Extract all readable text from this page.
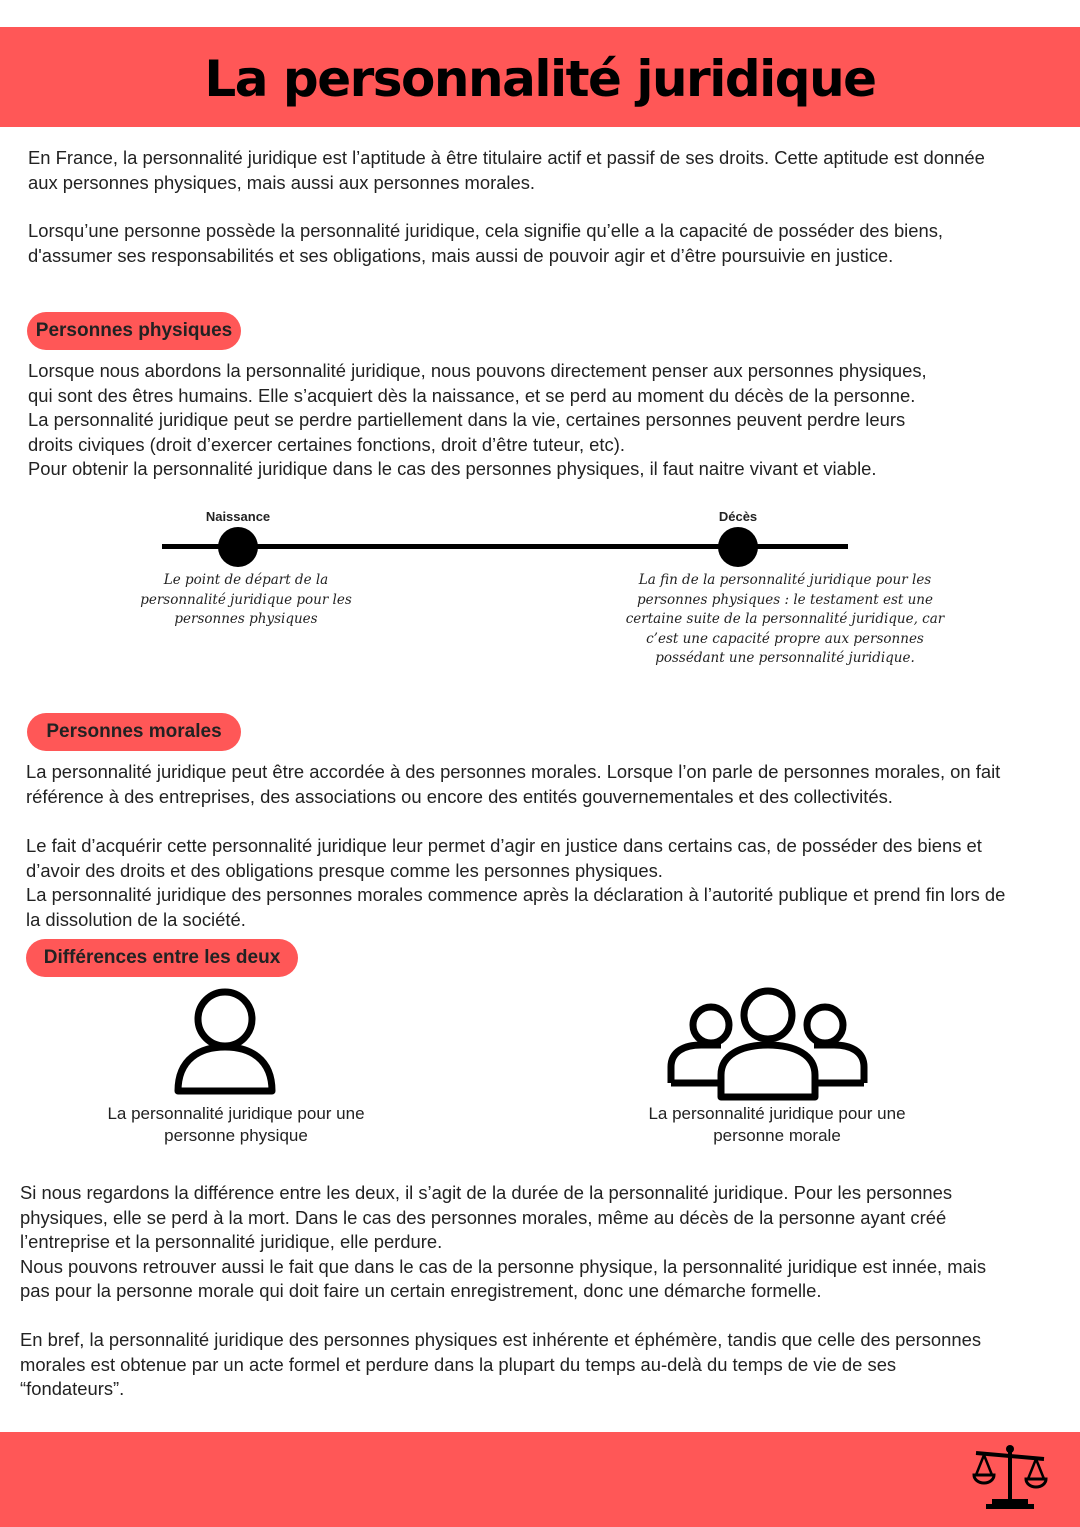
La personnalité juridique

En France, la personnalité juridique est l’aptitude à être titulaire actif et passif de ses droits. Cette aptitude est donnée
aux personnes physiques, mais aussi aux personnes morales.

Lorsqu’une personne possède la personnalité juridique, cela signifie qu’elle a la capacité de posséder des biens,
d'assumer ses responsabilités et ses obligations, mais aussi de pouvoir agir et d’être poursuivie en justice.

Personnes physiques

Lorsque nous abordons la personnalité juridique, nous pouvons directement penser aux personnes physiques,
qui sont des êtres humains. Elle s’acquiert dès la naissance, et se perd au moment du décès de la personne.
La personnalité juridique peut se perdre partiellement dans la vie, certaines personnes peuvent perdre leurs
droits civiques (droit d’exercer certaines fonctions, droit d’être tuteur, etc).
Pour obtenir la personnalité juridique dans le cas des personnes physiques, il faut naitre vivant et viable.

Naissance	Décès
Le point de départ de la
personnalité juridique pour les
personnes physiques
La fin de la personnalité juridique pour les
personnes physiques : le testament est une
certaine suite de la personnalité juridique, car
c’est une capacité propre aux personnes
possédant une personnalité juridique.
Personnes morales

La personnalité juridique peut être accordée à des personnes morales. Lorsque l’on parle de personnes morales, on fait
référence à des entreprises, des associations ou encore des entités gouvernementales et des collectivités.

Le fait d’acquérir cette personnalité juridique leur permet d’agir en justice dans certains cas, de posséder des biens et
d’avoir des droits et des obligations presque comme les personnes physiques.
La personnalité juridique des personnes morales commence après la déclaration à l’autorité publique et prend fin lors de
la dissolution de la société.

Différences entre les deux
La personnalité juridique pour une
personne physique
La personnalité juridique pour une
personne morale

Si nous regardons la différence entre les deux, il s’agit de la durée de la personnalité juridique. Pour les personnes
physiques, elle se perd à la mort. Dans le cas des personnes morales, même au décès de la personne ayant créé
l’entreprise et la personnalité juridique, elle perdure.
Nous pouvons retrouver aussi le fait que dans le cas de la personne physique, la personnalité juridique est innée, mais
pas pour la personne morale qui doit faire un certain enregistrement, donc une démarche formelle.

En bref, la personnalité juridique des personnes physiques est inhérente et éphémère, tandis que celle des personnes
morales est obtenue par un acte formel et perdure dans la plupart du temps au-delà du temps de vie de ses
“fondateurs”.
